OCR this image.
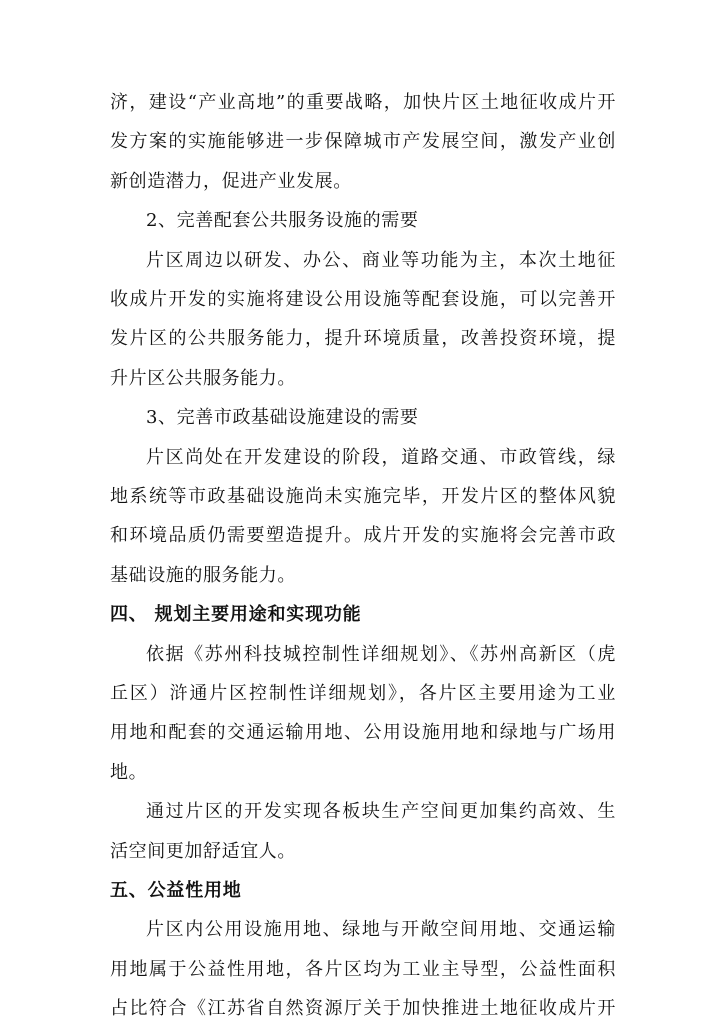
济，建设“产业高地”的重要战略，加快片区土地征收成片开
发方案的实施能够进一步保障城市产发展空间，激发产业创
新创造潜力，促进产业发展。
2、完善配套公共服务设施的需要
片区周边以研发、办公、商业等功能为主，本次土地征
收成片开发的实施将建设公用设施等配套设施，可以完善开
发片区的公共服务能力，提升环境质量，改善投资环境，提
升片区公共服务能力。
3、完善市政基础设施建设的需要
片区尚处在开发建设的阶段，道路交通、市政管线，绿
地系统等市政基础设施尚未实施完毕，开发片区的整体风貌
和环境品质仍需要塑造提升。成片开发的实施将会完善市政
基础设施的服务能力。
四、 规划主要用途和实现功能
依据《苏州科技城控制性详细规划》、《苏州高新区（虎
丘区）浒通片区控制性详细规划》，各片区主要用途为工业
用地和配套的交通运输用地、公用设施用地和绿地与广场用
地。
通过片区的开发实现各板块生产空间更加集约高效、生
活空间更加舒适宜人。
五、公益性用地
片区内公用设施用地、绿地与开敞空间用地、交通运输
用地属于公益性用地，各片区均为工业主导型，公益性面积
占比符合《江苏省自然资源厅关于加快推进土地征收成片开
